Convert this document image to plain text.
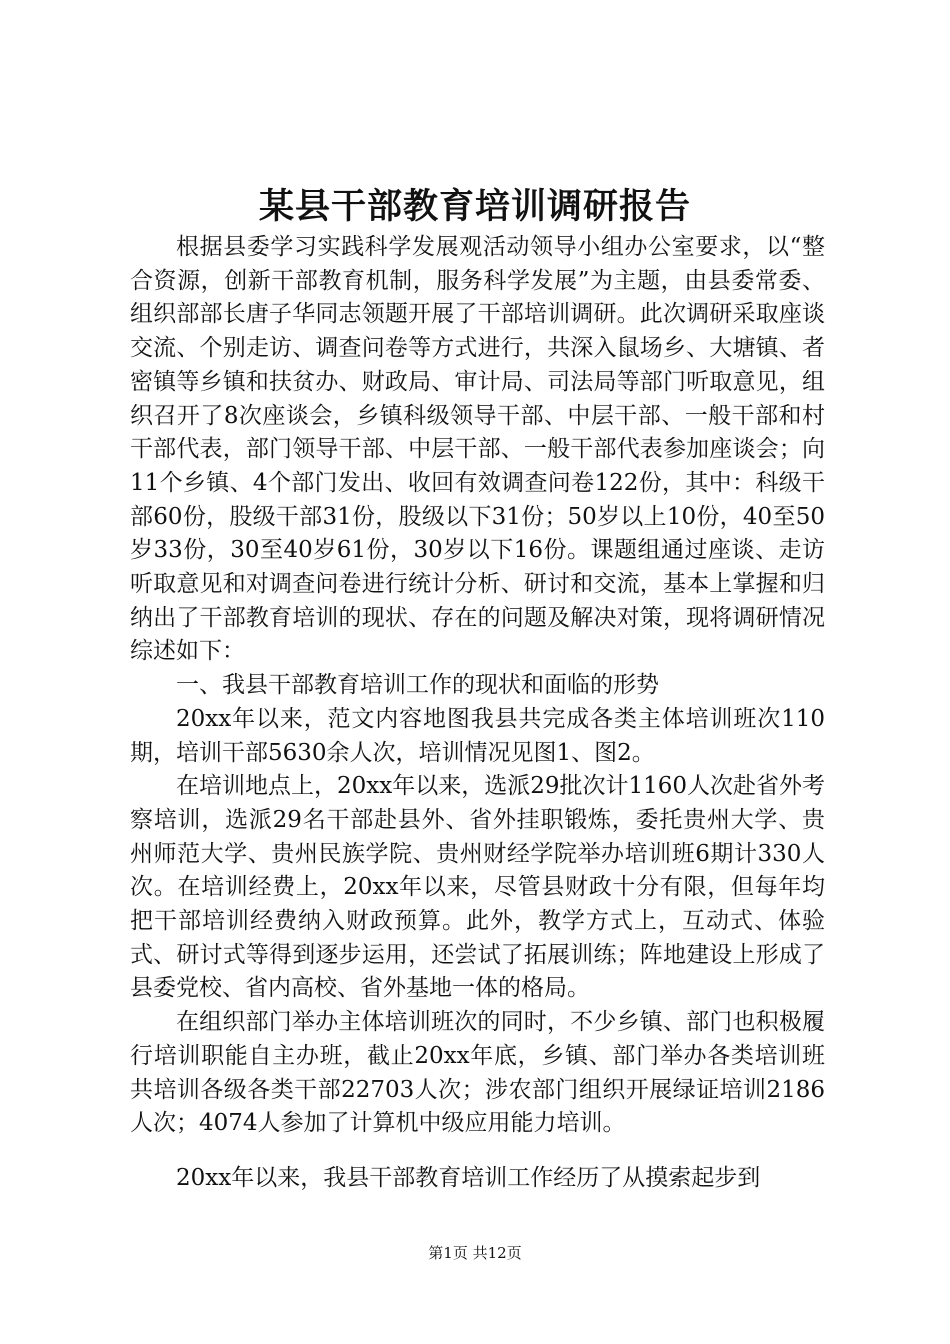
某县干部教育培训调研报告

根据县委学习实践科学发展观活动领导小组办公室要求，以“整合资源，创新干部教育机制，服务科学发展”为主题，由县委常委、组织部部长唐子华同志领题开展了干部培训调研。此次调研采取座谈交流、个别走访、调查问卷等方式进行，共深入鼠场乡、大塘镇、者密镇等乡镇和扶贫办、财政局、审计局、司法局等部门听取意见，组织召开了8次座谈会，乡镇科级领导干部、中层干部、一般干部和村干部代表，部门领导干部、中层干部、一般干部代表参加座谈会；向11个乡镇、4个部门发出、收回有效调查问卷122份，其中：科级干部60份，股级干部31份，股级以下31份；50岁以上10份，40至50岁33份，30至40岁61份，30岁以下16份。课题组通过座谈、走访听取意见和对调查问卷进行统计分析、研讨和交流，基本上掌握和归纳出了干部教育培训的现状、存在的问题及解决对策，现将调研情况综述如下：

一、我县干部教育培训工作的现状和面临的形势

20xx年以来，范文内容地图我县共完成各类主体培训班次110期，培训干部5630余人次，培训情况见图1、图2。

在培训地点上，20xx年以来，选派29批次计1160人次赴省外考察培训，选派29名干部赴县外、省外挂职锻炼，委托贵州大学、贵州师范大学、贵州民族学院、贵州财经学院举办培训班6期计330人次。在培训经费上，20xx年以来，尽管县财政十分有限，但每年均把干部培训经费纳入财政预算。此外，教学方式上，互动式、体验式、研讨式等得到逐步运用，还尝试了拓展训练；阵地建设上形成了县委党校、省内高校、省外基地一体的格局。

在组织部门举办主体培训班次的同时，不少乡镇、部门也积极履行培训职能自主办班，截止20xx年底，乡镇、部门举办各类培训班共培训各级各类干部22703人次；涉农部门组织开展绿证培训2186人次；4074人参加了计算机中级应用能力培训。

20xx年以来，我县干部教育培训工作经历了从摸索起步到

第1页 共12页
